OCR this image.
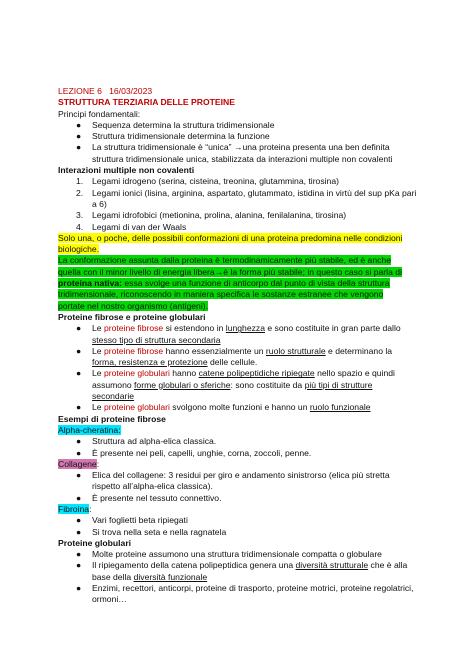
LEZIONE 6 16/03/2023
STRUTTURA TERZIARIA DELLE PROTEINE
Principi fondamentali:
● Sequenza determina la struttura tridimensionale
● Struttura tridimensionale determina la funzione
● La struttura tridimensionale è “unica” →una proteina presenta una ben definita
struttura tridimensionale unica, stabilizzata da interazioni multiple non covalenti
Interazioni multiple non covalenti
1. Legami idrogeno (serina, cisteina, treonina, glutammina, tirosina)
2. Legami ionici (lisina, arginina, aspartato, glutammato, istidina in virtù del sup pKa pari
a 6)
3. Legami idrofobici (metionina, prolina, alanina, fenilalanina, tirosina)
4. Legami di van der Waals
Solo una, o poche, delle possibili conformazioni di una proteina predomina nelle condizioni
biologiche.
La conformazione assunta dalla proteina è termodinamicamente più stabile, ed è anche
quella con il minor livello di energia libera→è la forma più stabile; in questo caso si parla di
proteina nativa: essa svolge una funzione di anticorpo dal punto di vista della struttura
tridimensionale, riconoscendo in maniera specifica le sostanze estranee che vengono
portate nel nostro organismo (antigeni).
Proteine fibrose e proteine globulari
● Le proteine fibrose si estendono in lunghezza e sono costituite in gran parte dallo
stesso tipo di struttura secondaria
● Le proteine fibrose hanno essenzialmente un ruolo strutturale e determinano la
forma, resistenza e protezione delle cellule.
● Le proteine globulari hanno catene polipeptidiche ripiegate nello spazio e quindi
assumono forme globulari o sferiche: sono costituite da più tipi di strutture
secondarie
● Le proteine globulari svolgono molte funzioni e hanno un ruolo funzionale
Esempi di proteine fibrose
Alpha-cheratina:
● Struttura ad alpha-elica classica.
● È presente nei peli, capelli, unghie, corna, zoccoli, penne.
Collagene:
● Elica del collagene: 3 residui per giro e andamento sinistrorso (elica più stretta
rispetto all’alpha-elica classica).
● È presente nel tessuto connettivo.
Fibroina:
● Vari foglietti beta ripiegati
● Si trova nella seta e nella ragnatela
Proteine globulari
● Molte proteine assumono una struttura tridimensionale compatta o globulare
● Il ripiegamento della catena polipeptidica genera una diversità strutturale che è alla
base della diversità funzionale
● Enzimi, recettori, anticorpi, proteine di trasporto, proteine motrici, proteine regolatrici,
ormoni…
